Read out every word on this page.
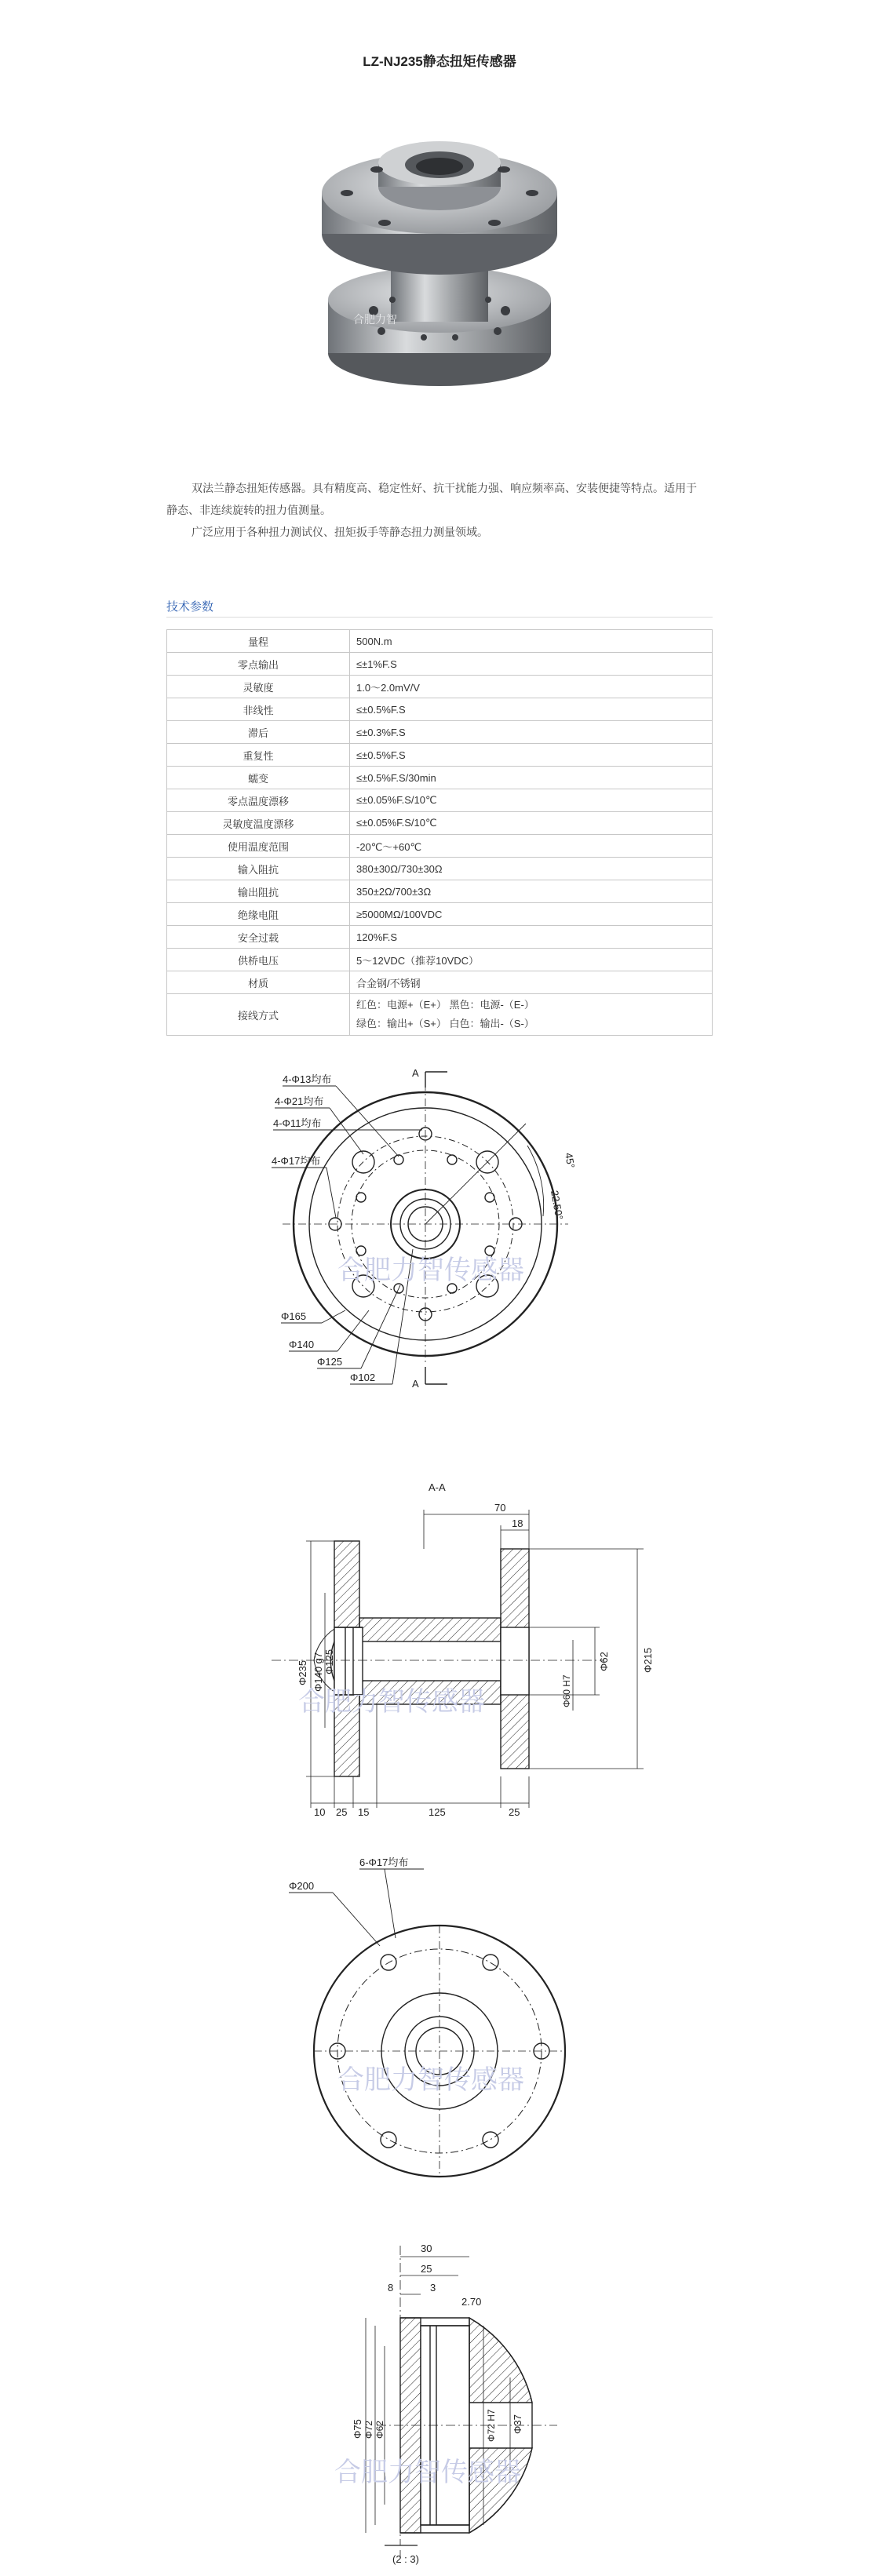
LZ-NJ235静态扭矩传感器
合肥力智

双法兰静态扭矩传感器。具有精度高、稳定性好、抗干扰能力强、响应频率高、安装便捷等特点。适用于静态、非连续旋转的扭力值测量。

广泛应用于各种扭力测试仪、扭矩扳手等静态扭力测量领域。

技术参数
量程	500N.m
零点输出	≤±1%F.S
灵敏度	1.0～2.0mV/V
非线性	≤±0.5%F.S
滞后	≤±0.3%F.S
重复性	≤±0.5%F.S
蠕变	≤±0.5%F.S/30min
零点温度漂移	≤±0.05%F.S/10℃
灵敏度温度漂移	≤±0.05%F.S/10℃
使用温度范围	-20℃～+60℃
输入阻抗	380±30Ω/730±30Ω
输出阻抗	350±2Ω/700±3Ω
绝缘电阻	≥5000MΩ/100VDC
安全过载	120%F.S
供桥电压	5～12VDC（推荐10VDC）
材质	合金钢/不锈钢
接线方式	红色：电源+（E+） 黑色：电源-（E-）
绿色：输出+（S+） 白色：输出-（S-）
A
A
45°
22.50°
4-Φ13均布
4-Φ21均布
4-Φ11均布
4-Φ17均布
Φ165
Φ140
Φ125
Φ102
合肥力智传感器
A-A
Φ235 Φ140 g7 Φ125	Φ62	Φ215
Φ60 H7
70
18
10 25 15	125	25
合肥力智传感器
6-Φ17均布
Φ200
合肥力智传感器
30
25
8	3
2.70
Φ75 Φ72 Φ62	Φ72 H7 Φ37
(2 : 3)
合肥力智传感器
